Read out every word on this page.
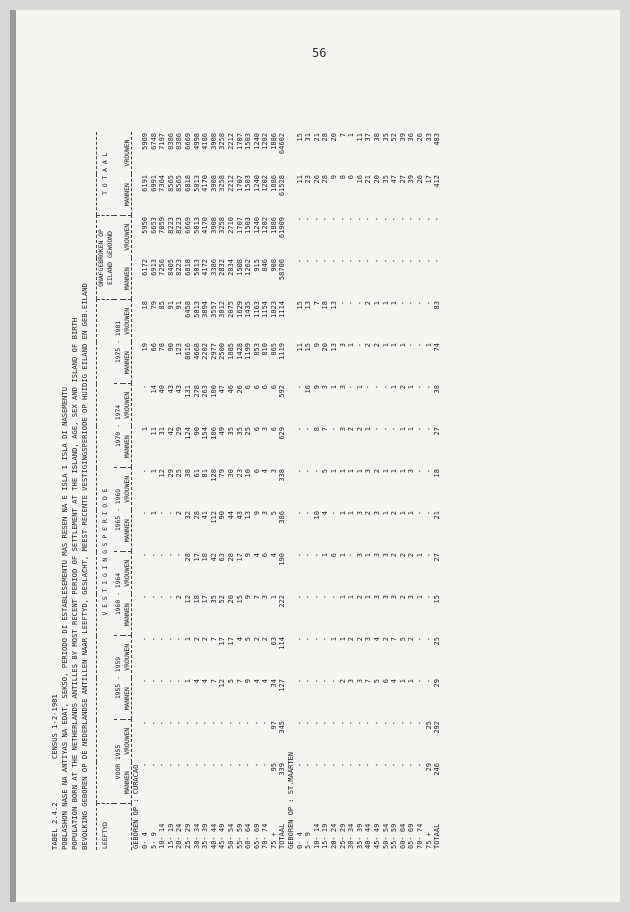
56
TABEL 2.4.2          CENSUS 1-2-1981 POBLASHON NASE NA ANTIYAS NA EDAT, SEKSO, PERIODO DI ESTABLESEMENTU MAS RESEN NA E ISLA I ISLA DI NASEMENTU POPULATION BORN AT THE NETHERLANDS ANTILLES BY MOST RECENT PERIOD OF SETTLEMENT AT THE ISLAND, AGE, SEX AND ISLAND OF BIRTH BEVOLKING GEBOREN OP DE NEDERLANDSE ANTILLEN NAAR LEEFTYD, GESLACHT, MEEST RECENTE VESTIGINGSPERIODE OP HUIDIG EILAND EN GEB.EILAND LEEFTYD	V E S T I G I N G S P E R I O D E												ONAFGEBROKEN OP EILAND GEWOOND		T O T A A L	
	VOOR 1955		1955 - 1959		1960 - 1964		1965 - 1969		1970 - 1974		1975 - 1981					
	MANNEN	VROUWEN	MANNEN	VROUWEN	MANNEN	VROUWEN	MANNEN	VROUWEN	MANNEN	VROUWEN	MANNEN	VROUWEN	MANNEN	VROUWEN	MANNEN	VROUWEN
GEBOREN OP : CURACAO																
0- 4	-	-	-	-	-	-	-	-	1	-	19	18	6172	5950	6191	5969
5- 9	-	-	-	-	-	-	1	1	11	14	66	79	6913	6653	6991	6748
10- 14	-	-	-	-	-	-	-	12	31	40	78	85	7256	7059	7364	7197
15- 19	-	-	-	-	-	-	-	29	42	43	90	91	8405	8223	8565	8386
20- 24	-	-	-	-	2	-	2	25	29	43	123	91	8223	8223	8565	8386
25- 29	-	-	1	1	12	28	32	38	124	131	8616	6458	6818	6669	6818	6669
30- 34	-	-	4	2	18	17	28	61	90	278	4668	5013	5013	5013	5013	4998
35- 39	-	-	4	2	17	18	41	81	154	263	2202	3894	4172	4170	4170	4186
40- 44	-	-	7	7	35	42	112	128	106	100	2977	3557	3386	3908	3908	3908
45- 49	-	-	12	17	52	63	90	79	49	47	2500	3012	2832	3258	3258	3258
50- 54	-	-	5	17	20	28	44	30	35	46	1885	2075	2034	2710	2212	2212
55- 59	-	-	7	4	15	17	43	23	35	26	1428	1629	1508	1707	1707	1707
60- 64	-	-	9	5	9	9	13	10	25	6	1199	1435	1262	1503	1503	1503
65- 69	-	-	4	2	7	4	9	6	6	6	853	1163	915	1240	1240	1240
70- 74	-	-	4	2	3	6	3	4	3	6	810	1154	846	1202	1202	1202
75 +	95	97	34	63	1	4	5	3	6	6	865	1823	908	1886	1886	1886
TOTAAL	339	345	127	114	222	190	386	338	629	592	1119	1114	58706	61909	61528	64602
GEBOREN OP : ST.MAARTEN																
0- 4	-	-	-	-	-	-	-	-	-	-	11	15	-	-	11	15
5- 9	-	-	-	-	-	-	-	-	-	16	15	13	-	-	23	31
10- 14	-	-	-	-	-	-	10	-	8	9	9	7	-	-	26	21
15- 19	-	-	-	-	-	1	4	5	7	3	20	18	-	-	28	28
20- 24	-	-	-	1	-	6	-	1	-	1	13	13	-	-	9	20
25- 29	-	-	2	1	1	1	1	1	3	3	3	-	-	-	8	7
30- 34	-	-	3	2	1	-	1	1	2	-	1	-	-	-	6	1
35- 39	-	-	3	2	2	3	3	1	2	1	-	-	-	-	16	11
40- 44	-	-	7	3	1	1	2	3	1	-	2	2	-	-	21	37
45- 49	-	-	5	4	3	3	3	2	-	-	2	1	-	-	20	38
50- 54	-	-	6	2	3	3	1	1	-	-	1	1	-	-	35	35
55- 59	-	-	4	7	3	2	2	1	-	1	1	1	-	-	47	52
60- 64	-	-	1	5	2	2	1	1	1	2	1	-	-	-	27	39
65- 69	-	-	1	2	3	2	1	3	1	1	-	-	-	-	39	36
70- 74	-	-	-	-	1	1	-	-	-	-	-	-	-	-	26	26
75 +	29	25	-	-	-	-	-	-	-	-	1	-	-	-	17	33
TOTAAL	246	292	29	25	15	27	21	18	27	38	74	83	-	-	412	483
